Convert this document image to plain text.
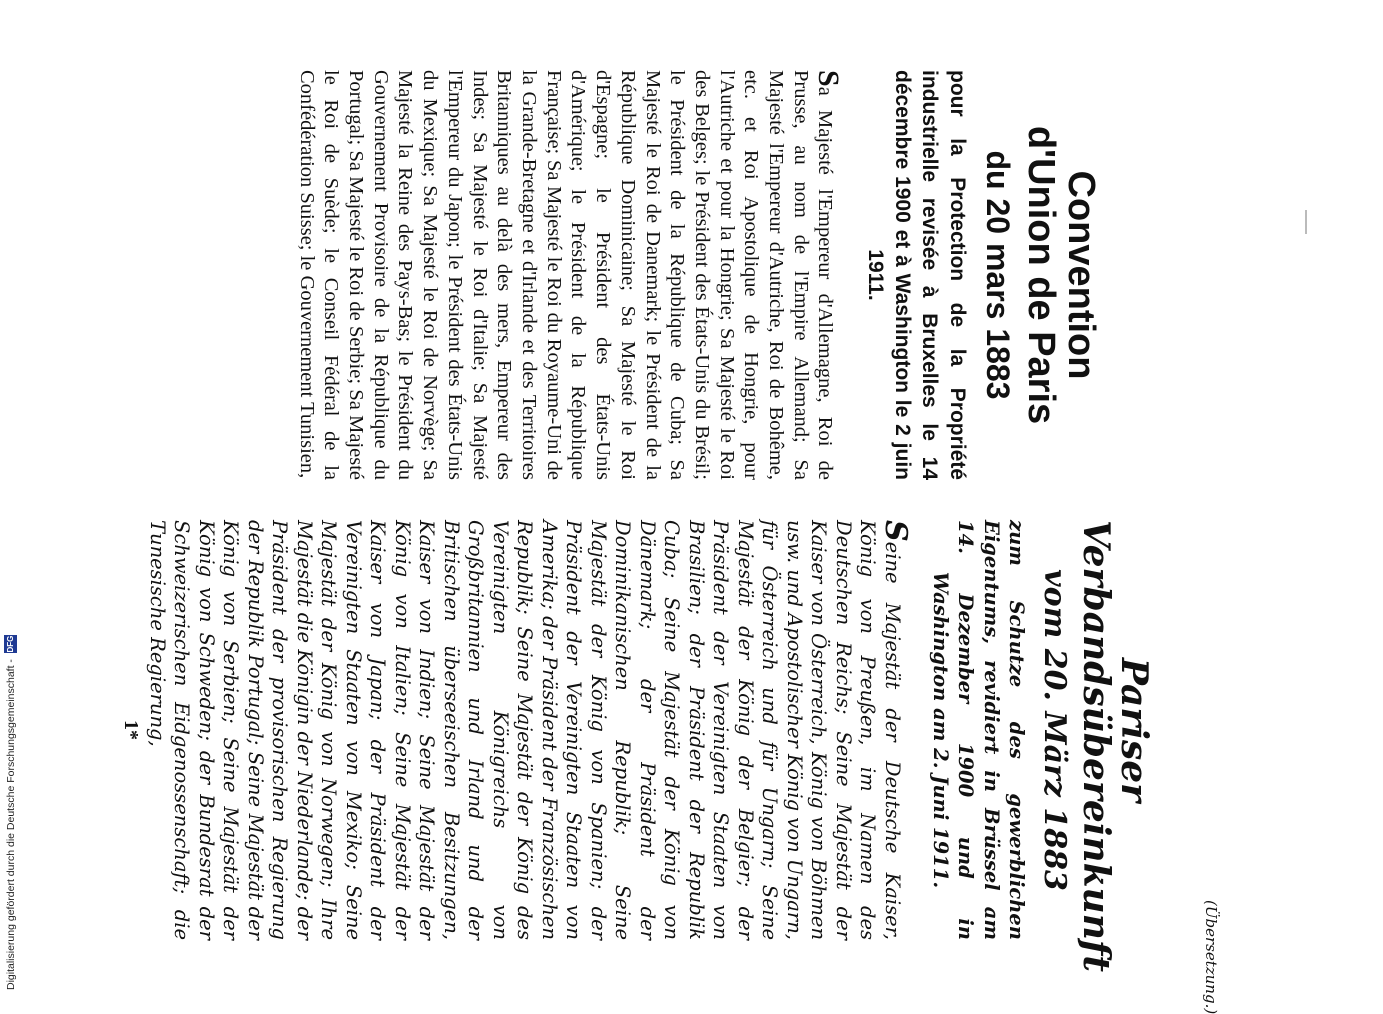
(Übersetzung.)

Convention

d'Union de Paris

du 20 mars 1883

pour la Protection de la Propriété industrielle revisée à Bruxelles le 14 décembre 1900 et à Washington le 2 juin 1911.

Sa Majesté l'Empereur d'Allemagne, Roi de Prusse, au nom de l'Empire Allemand; Sa Majesté l'Empereur d'Autriche, Roi de Bohême, etc. et Roi Apostolique de Hongrie, pour l'Autriche et pour la Hongrie; Sa Majesté le Roi des Belges; le Président des États-Unis du Brésil; le Président de la République de Cuba; Sa Majesté le Roi de Danemark; le Président de la République Dominicaine; Sa Majesté le Roi d'Espagne; le Président des États-Unis d'Amérique; le Président de la République Française; Sa Majesté le Roi du Royaume-Uni de la Grande-Bretagne et d'Irlande et des Territoires Britanniques au delà des mers, Empereur des Indes; Sa Majesté le Roi d'Italie; Sa Majesté l'Empereur du Japon; le Président des États-Unis du Mexique; Sa Majesté le Roi de Norvège; Sa Majesté la Reine des Pays-Bas; le Président du Gouvernement Provisoire de la République du Portugal; Sa Majesté le Roi de Serbie; Sa Majesté le Roi de Suède; le Conseil Fédéral de la Confédération Suisse; le Gouvernement Tunisien,

Pariser

Verbandsübereinkunft

vom 20. März 1883

zum Schutze des gewerblichen Eigentums, revidiert in Brüssel am 14. Dezember 1900 und in Washington am 2. Juni 1911.

Seine Majestät der Deutsche Kaiser, König von Preußen, im Namen des Deutschen Reichs; Seine Majestät der Kaiser von Österreich, König von Böhmen usw. und Apostolischer König von Ungarn, für Österreich und für Ungarn; Seine Majestät der König der Belgier; der Präsident der Vereinigten Staaten von Brasilien; der Präsident der Republik Cuba; Seine Majestät der König von Dänemark; der Präsident der Dominikanischen Republik; Seine Majestät der König von Spanien; der Präsident der Vereinigten Staaten von Amerika; der Präsident der Französischen Republik; Seine Majestät der König des Vereinigten Königreichs von Großbritannien und Irland und der Britischen überseeischen Besitzungen, Kaiser von Indien; Seine Majestät der König von Italien; Seine Majestät der Kaiser von Japan; der Präsident der Vereinigten Staaten von Mexiko; Seine Majestät der König von Norwegen; Ihre Majestät die Königin der Niederlande; der Präsident der provisorischen Regierung der Republik Portugal; Seine Majestät der König von Serbien; Seine Majestät der König von Schweden; der Bundesrat der Schweizerischen Eidgenossenschaft; die Tunesische Regierung,

1*
Digitalisierung gefördert durch die Deutsche Forschungsgemeinschaft -
DFG
